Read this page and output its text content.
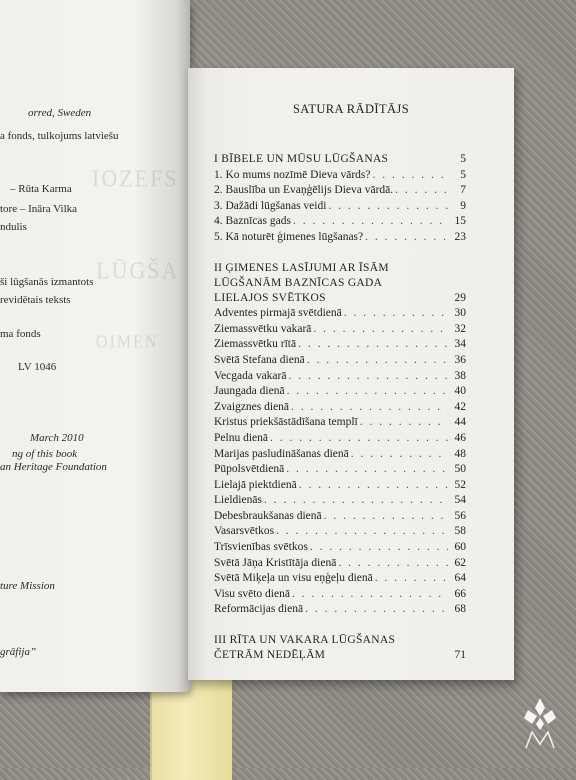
IOZEFS
LŪGŠA
OIMEN
orred, Sweden
a fonds, tulkojums latviešu
– Rūta Karma
tore – Ināra Vilka
ndulis
ši lūgšanās izmantots
revidētais teksts
ma fonds
LV 1046
March 2010
ng of this book
an Heritage Foundation
ture Mission
grāfija”
SATURA RĀDĪTĀJS
I BĪBELE UN MŪSU LŪGŠANAS	5
1. Ko mums nozīmē Dieva vārds? . . .	5
2. Bauslība un Evaņģēlijs Dieva vārdā. . . .	7
3. Dažādi lūgšanas veidi . . .	9
4. Baznīcas gads . . .	15
5. Kā noturēt ģimenes lūgšanas? . . .	23
II ĢIMENES LASĪJUMI AR ĪSĀM
LŪGŠANĀM BAZNĪCAS GADA
LIELAJOS SVĒTKOS	29
Adventes pirmajā svētdienā . . .	30
Ziemassvētku vakarā . . .	32
Ziemassvētku rītā . . .	34
Svētā Stefana dienā . . .	36
Vecgada vakarā . . .	38
Jaungada dienā . . .	40
Zvaigznes dienā . . .	42
Kristus priekšāstādīšana templī . . .	44
Pelnu dienā . . .	46
Marijas pasludināšanas dienā . . .	48
Pūpolsvētdienā . . .	50
Lielajā piektdienā . . .	52
Lieldienās . . .	54
Debesbraukšanas dienā . . .	56
Vasarsvētkos . . .	58
Trīsvienības svētkos . . .	60
Svētā Jāņa Kristītāja dienā . . .	62
Svētā Miķeļa un visu eņģeļu dienā . . .	64
Visu svēto dienā . . .	66
Reformācijas dienā . . .	68
III RĪTA UN VAKARA LŪGŠANAS
ČETRĀM NEDĒĻĀM	71
